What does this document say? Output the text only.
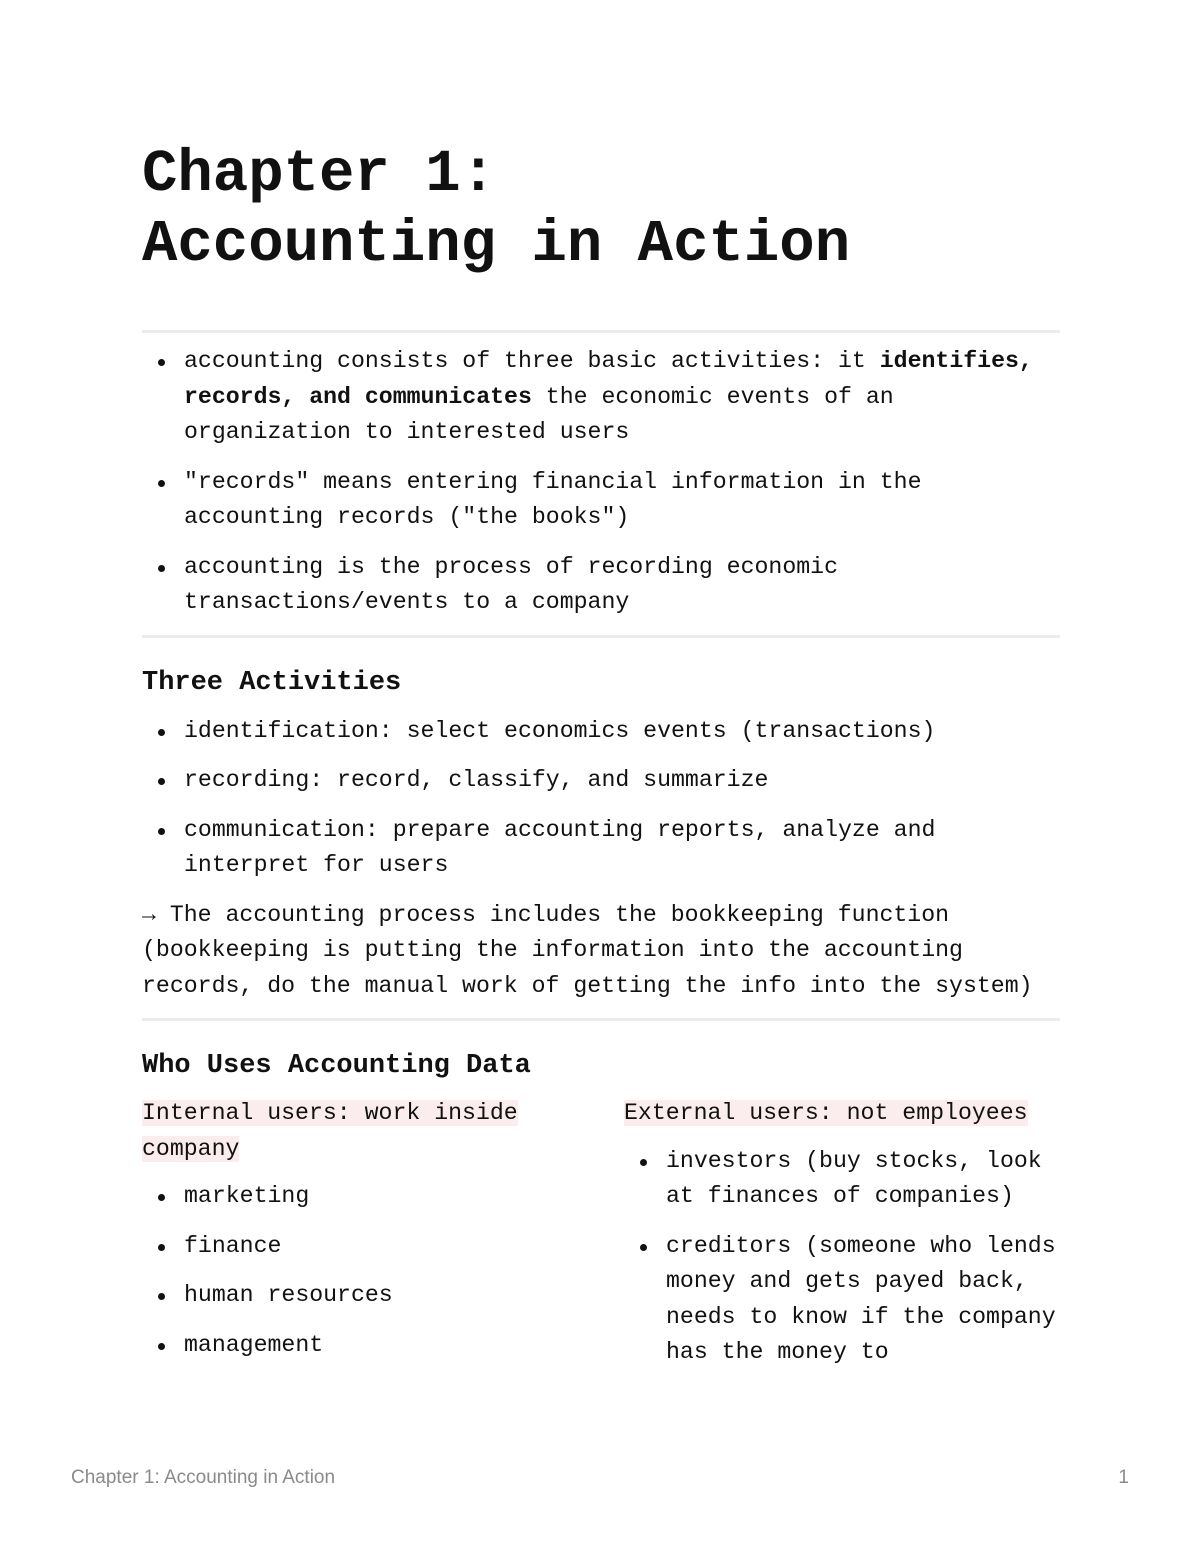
Chapter 1:
Accounting in Action
accounting consists of three basic activities: it identifies, records, and communicates the economic events of an organization to interested users
"records" means entering financial information in the accounting records ("the books")
accounting is the process of recording economic transactions/events to a company
Three Activities
identification: select economics events (transactions)
recording: record, classify, and summarize
communication: prepare accounting reports, analyze and interpret for users
→ The accounting process includes the bookkeeping function
(bookkeeping is putting the information into the accounting
records, do the manual work of getting the info into the system)
Who Uses Accounting Data
Internal users: work inside company
marketing
finance
human resources
management
External users: not employees
investors (buy stocks, look at finances of companies)
creditors (someone who lends money and gets payed back, needs to know if the company has the money to
Chapter 1: Accounting in Action	1
